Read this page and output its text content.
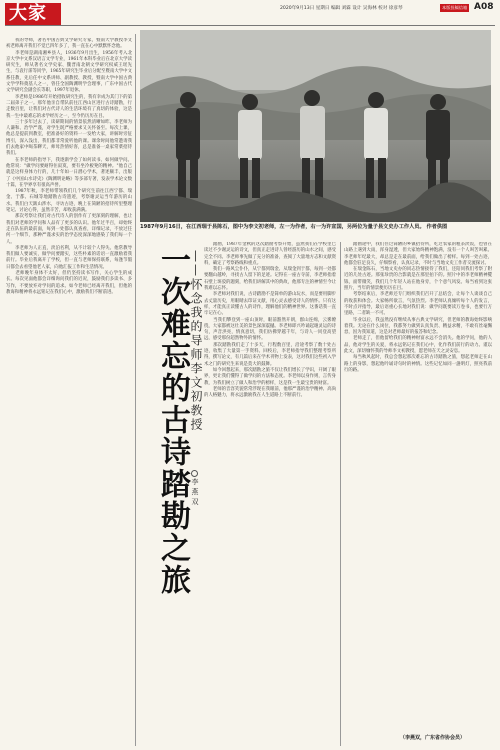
大家	2020年9月13日 星期日 编辑 刘霖 设计 吴海林 校对 徐彦琴	本版投稿信箱 A08
　　我的导师，著名中国古典文学研究专家，暨南大学教授李文初老师离开我们不觉已四年多了，我一直在心中默默怀念他。
　　李老师是湖南湘乡县人，1936年9月出生，1956年考入北京大学中文系汉语言文学专业，1961年本科毕业后在北京大学读研究生，师从著名文学史家、魏晋南北朝文学研究权威王瑶先生，与袁行霈等同学，1965年研究生毕业后分配至暨南大学中文系任教，先后任中文系讲师、副教授、教授，暨南大学中国古典文学学科奠基人之一，曾任全国陶渊明学会理事，广东中国古代文学研究会副会长等职，1997年退休。
　　李老师是1986年开始招收研究生的，我有幸成为其门下的第二届弟子之一。那年他亲自带队前往江西山区进行古诗踏勘，行走数百里，让我们对古代诗人的生活环境有了真切的体验，这是我一生中最难忘的求学经历之一，至今仍历历在目。
　　三十多年过去了，读研期间的情景依然清晰如昨。李老师为人谦和、治学严谨，对学生既严格要求又关怀备至。每次上课，他总是提前到教室，把准备好的资料一一发给大家，讲解时旁征博引，深入浅出，我们都非常爱听他的课。课余时间他常邀请我们去他家中喝茶聊天，师母热情好客，总是准备一桌家常菜招待我们。
　　在李老师的指导下，我逐渐学会了如何读书、如何做学问。他常说："做学问要耐得住寂寞，要有坐冷板凳的精神。"他自己就是这样身体力行的，几十年如一日潜心学术，著述颇丰，出版了《中国山水诗史》《陶渊明论略》等多部专著，发表学术论文数十篇，在学界享有很高声誉。
　　1987年秋，李老师带领我们几个研究生前往江西宁都、瑞金、于都、石城等地踏勘古诗遗迹，考察谢灵运当年游历的山水。我们白天跋山涉水，寻访古迹，晚上在简陋的招待所里整理笔记、讨论心得，虽然辛苦，却收获满满。
　　那次考察让我们对古代诗人的创作有了更深刻的理解，也让我们对老师的学问和人品有了更多的认识。他年过半百，却始终走在队伍的最前面，每到一处都认真查看，详细记录，不放过任何一个细节，那种严谨求实的治学态度深深地感染了我们每一个人。
　　李老师为人正直，淡泊名利，从不计较个人得失。他常教导我们做人要诚实，做学问要踏实，这些朴素的话语一直激励着我前行。毕业后我离开了学校，但一直与老师保持联系，每逢节假日都会去看望他老人家，向他汇报工作和生活情况。
　　老师晚年身体不太好，但仍坚持读书写作，关心学生的成长。每次见面他都会详细询问我们的近况，鼓励我们多读书、多写作，不要放弃对学问的追求。如今老师已经离开我们，但他的教诲和精神将永远铭记在我们心中，激励我们不断前进。
1987年9月16日，在江西瑞于县陈石，图中为李文初老师，左一为作者，右一为许宣国，另两位为量子县文史办工作人员。 作者供图
一次难忘的古诗踏勘之旅 ——怀念我的导师李文初教授
李燕双
　　踏勘，1987年金秋的这次踏勘考察开始，虽然我们在学校里已读过不少谢灵运的诗文，但真正走进诗人曾经游历的山水之间，感受完全不同。李老师事先做了充分的准备，查阅了大量地方志和文献资料，确定了考察路线和重点。
　　我们一路风尘仆仆，从宁都到瑞金、从瑞金到于都，每到一处都要翻山越岭，寻找古人留下的足迹。记得在一座古寺前，李老师指着石壁上斑驳的题刻，给我们讲解其中的典故，他那专注的神情至今让我难以忘怀。
　　李老师对我们说，古诗踏勘不是简单的游山玩水，而是要用脚步去丈量历史，用眼睛去印证文献，用心灵去感受诗人的情怀。只有这样，才能真正读懂古人的诗作，理解他们的精神世界。这番话我一直牢记在心。
　　当我们攀登到一座山顶时，眼前豁然开朗，群山连绵，云雾缭绕，大家都被这壮美的景色深深震撼。李老师即兴吟诵起谢灵运的诗句，声音洪亮，情真意切，我们仿佛穿越千年，与诗人一同登高望远，感受那份超然物外的情怀。
　　那次踏勘我们走了十多天，行程数百里，沿途考察了数十处古迹，收集了大量第一手资料。回校后，李老师指导我们整理考察所得，撰写论文，有几篇后来在学术刊物上发表，这对我们这些初入学术之门的研究生来说是莫大的鼓舞。
　　如今回想起来，那次踏勘之旅不仅让我们增长了学识，开阔了眼界，更让我们懂得了做学问的方法和态度。李老师以身作则，言传身教，为我们树立了做人和治学的榜样，这是我一生最宝贵的财富。
　　老师的音容笑貌常常浮现在我眼前，他那严谨的治学精神、高尚的人格魅力，将永远激励我在人生道路上不断前行。
　　踏勘途中，我们住过简陋的乡镇招待所，吃过农家的粗茶淡饭，也曾在山路上遇到大雨，浑身湿透，但大家始终精神饱满，没有一个人叫苦叫累。李老师年纪最大，却总是走在最前面，给我们做出了榜样。每到一处古迹，他都会驻足良久，仔细察看，认真记录，不时与当地文史工作者交流探讨。
　　在瑞金陈石，当地文史办的同志热情接待了我们，还陪同我们考察了附近的几处古迹。那张珍贵的合影就是在那里拍下的。照片中的李老师精神矍铄，面带微笑，我们几个年轻人站在他身旁，个个意气风发。每当看到这张照片，当年的情景便历历在目。
　　考察结束后，李老师还专门组织我们召开了总结会，让每个人谈谈自己的收获和体会。大家畅所欲言，气氛热烈。李老师认真倾听每个人的发言，不时点评指导，最后语重心长地对我们说：做学问既要读万卷书，也要行万里路，二者缺一不可。
　　毕业以后，我虽然没有继续从事古典文学研究，但老师的教诲始终影响着我。无论在什么岗位，我都努力做到认真负责、精益求精，不敢有丝毫懈怠，因为我知道，这是对老师最好的报答和纪念。
　　老师走了，但他留给我们的精神财富永远不会消失。他的学问，他的人品，他对学生的关爱，将永远铭记在我们心中，化作我们前行的动力。谨以此文，深切缅怀我的导师李文初教授，愿老师在天之灵安息。
　　每当秋风起时，我总会想起那次难忘的古诗踏勘之旅，想起老师走在山路上的身影，想起他吟诵诗句时的神情。这些记忆如同一盏明灯，照亮我前行的路。
（李燕双，广东省作协会员）
